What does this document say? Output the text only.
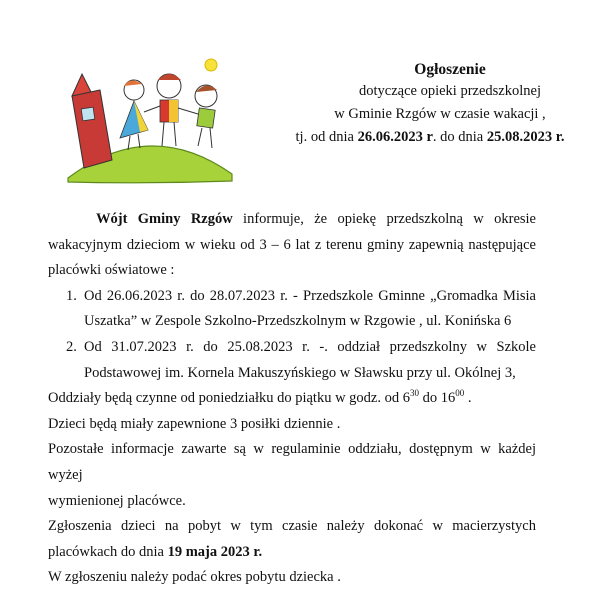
Ogłoszenie
dotyczące opieki przedszkolnej
w Gminie Rzgów w czasie wakacji ,
tj. od dnia 26.06.2023 r. do dnia 25.08.2023 r.

Wójt Gminy Rzgów informuje, że opiekę przedszkolną w okresie

wakacyjnym dzieciom w wieku od 3 – 6 lat z terenu gminy zapewnią następujące

placówki oświatowe :

1. Od 26.06.2023 r. do 28.07.2023 r. - Przedszkole Gminne „Gromadka Misia

Uszatka” w Zespole Szkolno-Przedszkolnym w Rzgowie , ul. Konińska 6

2. Od 31.07.2023 r. do 25.08.2023 r. -. oddział przedszkolny w Szkole

Podstawowej im. Kornela Makuszyńskiego w Sławsku przy ul. Okólnej 3,

Oddziały będą czynne od poniedziałku do piątku w godz. od $6^{30}$ do $16^{00}$ .

Dzieci będą miały zapewnione 3 posiłki dziennie .

Pozostałe informacje zawarte są w regulaminie oddziału, dostępnym w każdej wyżej

wymienionej placówce.

Zgłoszenia dzieci na pobyt w tym czasie należy dokonać w macierzystych

placówkach do dnia 19 maja 2023 r.

W zgłoszeniu należy podać okres pobytu dziecka .
